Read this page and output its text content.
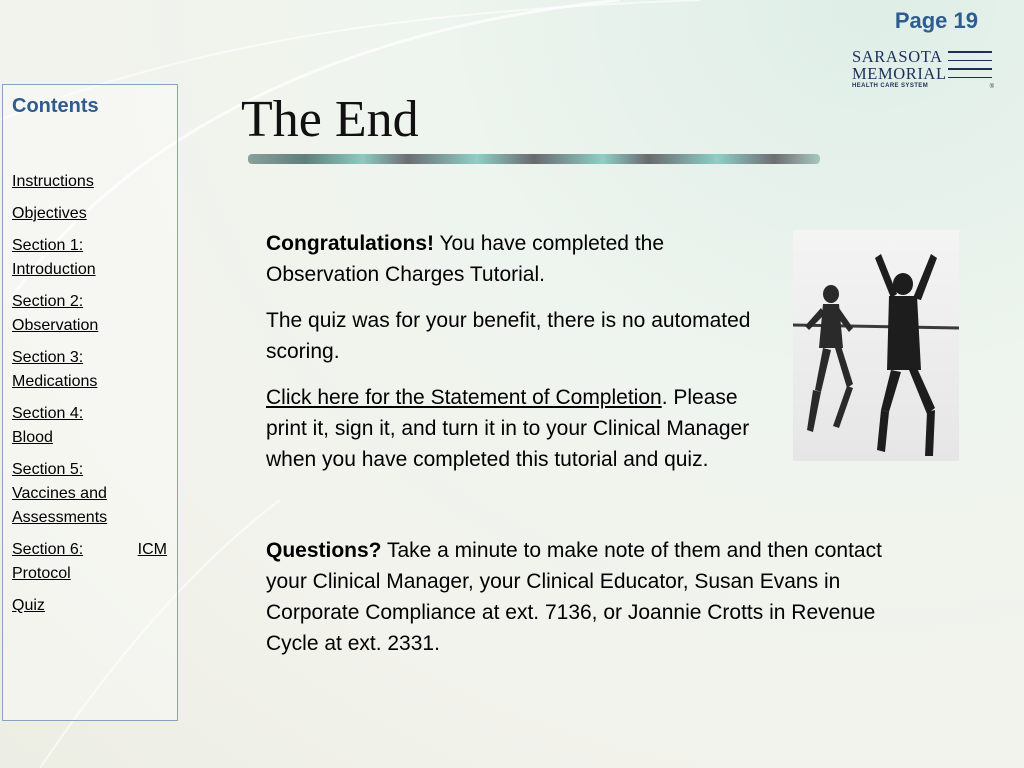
Page 19
SARASOTA
MEMORIAL
HEALTH CARE SYSTEM	®
Contents
Instructions
Objectives
Section 1:
Introduction
Section 2:
Observation
Section 3:
Medications
Section 4:
Blood
Section 5:
Vaccines and
Assessments
Section 6:	ICM
Protocol
Quiz
The End

Congratulations! You have completed the Observation Charges Tutorial.

The quiz was for your benefit, there is no automated scoring.

Click here for the Statement of Completion. Please print it, sign it, and turn it in to your Clinical Manager when you have completed this tutorial and quiz.

Questions? Take a minute to make note of them and then contact your Clinical Manager, your Clinical Educator, Susan Evans in Corporate Compliance at ext. 7136, or Joannie Crotts in Revenue Cycle at ext. 2331.
